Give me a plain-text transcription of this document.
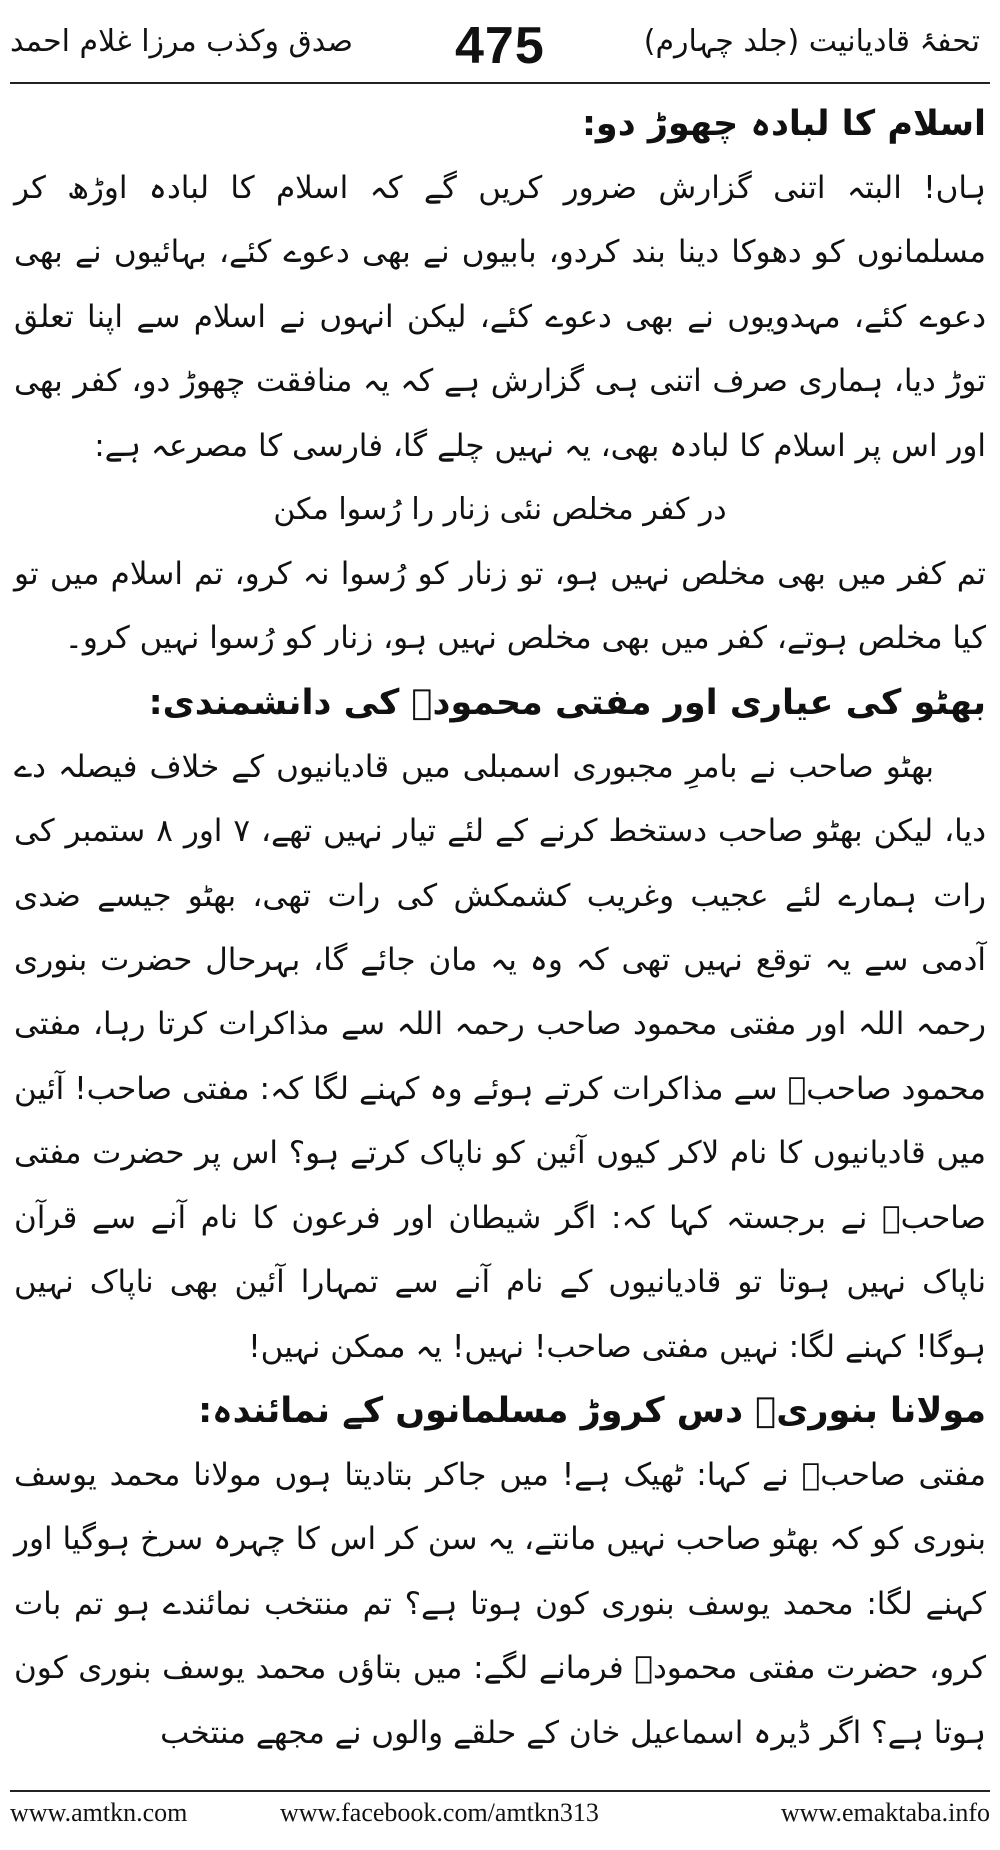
تحفۂ قادیانیت (جلد چہارم)
475
صدق وکذب مرزا غلام احمد

اسلام کا لبادہ چھوڑ دو:

ہاں! البتہ اتنی گزارش ضرور کریں گے کہ اسلام کا لبادہ اوڑھ کر مسلمانوں کو دھوکا دینا بند کردو، بابیوں نے بھی دعوے کئے، بہائیوں نے بھی دعوے کئے، مہدویوں نے بھی دعوے کئے، لیکن انہوں نے اسلام سے اپنا تعلق توڑ دیا، ہماری صرف اتنی ہی گزارش ہے کہ یہ منافقت چھوڑ دو، کفر بھی اور اس پر اسلام کا لبادہ بھی، یہ نہیں چلے گا، فارسی کا مصرعہ ہے:

در کفر مخلص نئی زنار را رُسوا مکن

تم کفر میں بھی مخلص نہیں ہو، تو زنار کو رُسوا نہ کرو، تم اسلام میں تو کیا مخلص ہوتے، کفر میں بھی مخلص نہیں ہو، زنار کو رُسوا نہیں کرو۔

بھٹو کی عیاری اور مفتی محمودؒ کی دانشمندی:

بھٹو صاحب نے بامرِ مجبوری اسمبلی میں قادیانیوں کے خلاف فیصلہ دے دیا، لیکن بھٹو صاحب دستخط کرنے کے لئے تیار نہیں تھے، ۷ اور ۸ ستمبر کی رات ہمارے لئے عجیب وغریب کشمکش کی رات تھی، بھٹو جیسے ضدی آدمی سے یہ توقع نہیں تھی کہ وہ یہ مان جائے گا، بہرحال حضرت بنوری رحمہ اللہ اور مفتی محمود صاحب رحمہ اللہ سے مذاکرات کرتا رہا، مفتی محمود صاحبؒ سے مذاکرات کرتے ہوئے وہ کہنے لگا کہ: مفتی صاحب! آئین میں قادیانیوں کا نام لاکر کیوں آئین کو ناپاک کرتے ہو؟ اس پر حضرت مفتی صاحبؒ نے برجستہ کہا کہ: اگر شیطان اور فرعون کا نام آنے سے قرآن ناپاک نہیں ہوتا تو قادیانیوں کے نام آنے سے تمہارا آئین بھی ناپاک نہیں ہوگا! کہنے لگا: نہیں مفتی صاحب! نہیں! یہ ممکن نہیں!

مولانا بنوریؒ دس کروڑ مسلمانوں کے نمائندہ:

مفتی صاحبؒ نے کہا: ٹھیک ہے! میں جاکر بتادیتا ہوں مولانا محمد یوسف بنوری کو کہ بھٹو صاحب نہیں مانتے، یہ سن کر اس کا چہرہ سرخ ہوگیا اور کہنے لگا: محمد یوسف بنوری کون ہوتا ہے؟ تم منتخب نمائندے ہو تم بات کرو، حضرت مفتی محمودؒ فرمانے لگے: میں بتاؤں محمد یوسف بنوری کون ہوتا ہے؟ اگر ڈیرہ اسماعیل خان کے حلقے والوں نے مجھے منتخب

www.amtkn.com	www.facebook.com/amtkn313	www.emaktaba.info
